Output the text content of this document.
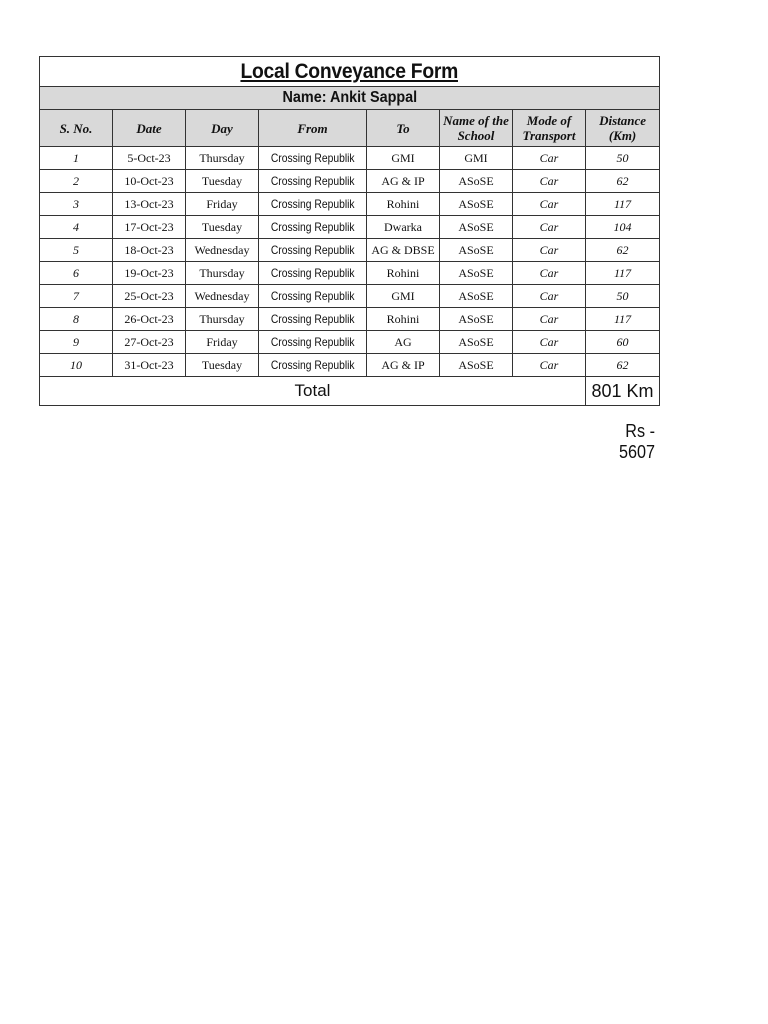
Local Conveyance Form							
Name: Ankit Sappal							
S. No.	Date	Day	From	To	Name of the School	Mode of Transport	Distance (Km)
1	5-Oct-23	Thursday	Crossing Republik	GMI	GMI	Car	50
2	10-Oct-23	Tuesday	Crossing Republik	AG & IP	ASoSE	Car	62
3	13-Oct-23	Friday	Crossing Republik	Rohini	ASoSE	Car	117
4	17-Oct-23	Tuesday	Crossing Republik	Dwarka	ASoSE	Car	104
5	18-Oct-23	Wednesday	Crossing Republik	AG & DBSE	ASoSE	Car	62
6	19-Oct-23	Thursday	Crossing Republik	Rohini	ASoSE	Car	117
7	25-Oct-23	Wednesday	Crossing Republik	GMI	ASoSE	Car	50
8	26-Oct-23	Thursday	Crossing Republik	Rohini	ASoSE	Car	117
9	27-Oct-23	Friday	Crossing Republik	AG	ASoSE	Car	60
10	31-Oct-23	Tuesday	Crossing Republik	AG & IP	ASoSE	Car	62
Total							801 Km
Rs - 5607
